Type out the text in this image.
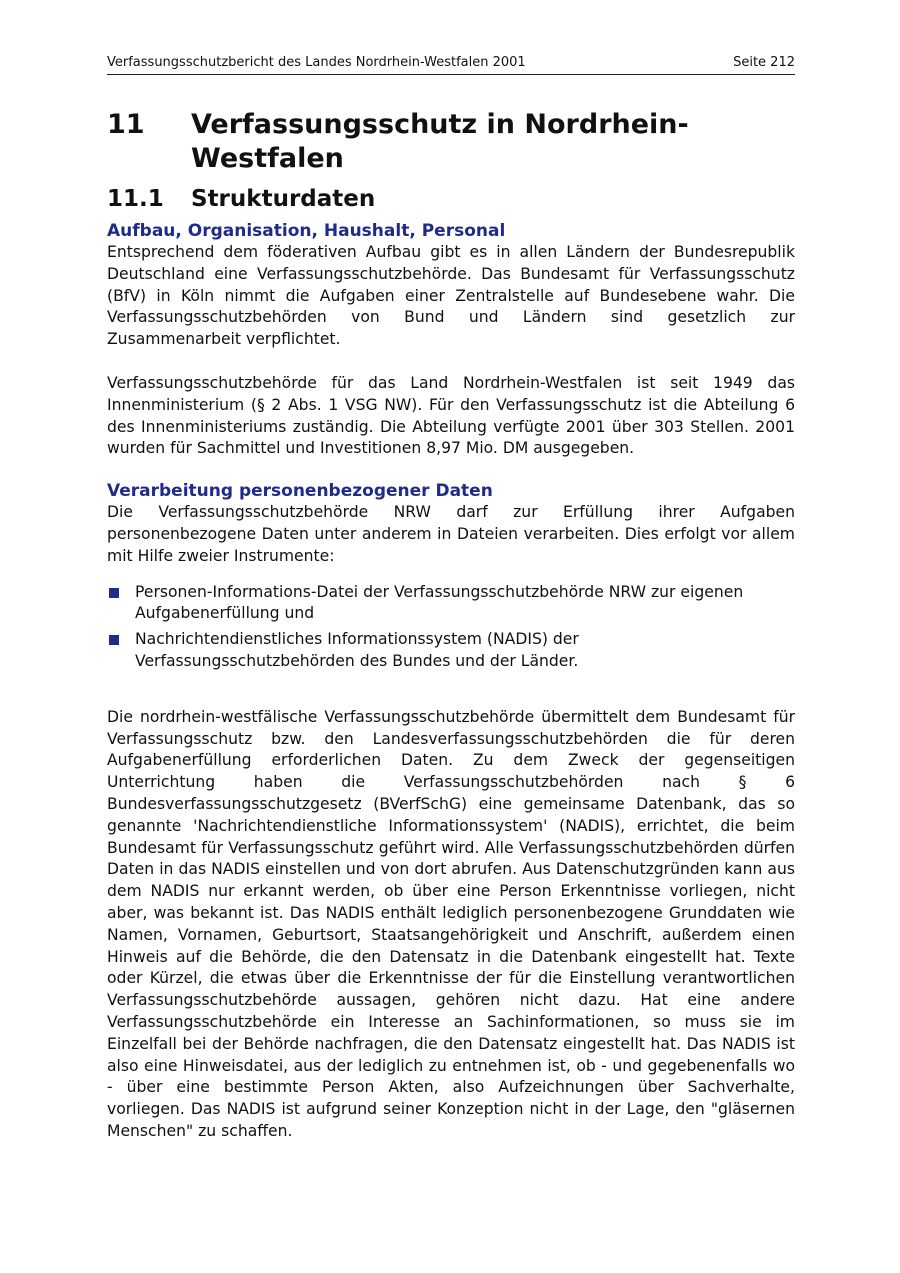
Verfassungsschutzbericht des Landes Nordrhein-Westfalen 2001	Seite 212
11	Verfassungsschutz in Nordrhein-Westfalen
11.1	Strukturdaten
Aufbau, Organisation, Haushalt, Personal

Entsprechend dem föderativen Aufbau gibt es in allen Ländern der Bundesrepublik Deutschland eine Verfassungsschutzbehörde. Das Bundesamt für Verfassungsschutz (BfV) in Köln nimmt die Aufgaben einer Zentralstelle auf Bundesebene wahr. Die Verfassungsschutzbehörden von Bund und Ländern sind gesetzlich zur Zusammenarbeit verpflichtet.

Verfassungsschutzbehörde für das Land Nordrhein-Westfalen ist seit 1949 das Innenministerium (§ 2 Abs. 1 VSG NW). Für den Verfassungsschutz ist die Abteilung 6 des Innenministeriums zuständig. Die Abteilung verfügte 2001 über 303 Stellen. 2001 wurden für Sachmittel und Investitionen 8,97 Mio. DM ausgegeben.

Verarbeitung personenbezogener Daten

Die Verfassungsschutzbehörde NRW darf zur Erfüllung ihrer Aufgaben personenbezogene Daten unter anderem in Dateien verarbeiten. Dies erfolgt vor allem mit Hilfe zweier Instrumente:

Personen-Informations-Datei der Verfassungsschutzbehörde NRW zur eigenen Aufgabenerfüllung und
Nachrichtendienstliches Informationssystem (NADIS) der Verfassungsschutzbehörden des Bundes und der Länder.

Die nordrhein-westfälische Verfassungsschutzbehörde übermittelt dem Bundesamt für Verfassungsschutz bzw. den Landesverfassungsschutzbehörden die für deren Aufgabenerfüllung erforderlichen Daten. Zu dem Zweck der gegenseitigen Unterrichtung haben die Verfassungsschutzbehörden nach § 6 Bundesverfassungsschutzgesetz (BVerfSchG) eine gemeinsame Datenbank, das so genannte 'Nachrichtendienstliche Informationssystem' (NADIS), errichtet, die beim Bundesamt für Verfassungsschutz geführt wird. Alle Verfassungsschutzbehörden dürfen Daten in das NADIS einstellen und von dort abrufen. Aus Datenschutzgründen kann aus dem NADIS nur erkannt werden, ob über eine Person Erkenntnisse vorliegen, nicht aber, was bekannt ist. Das NADIS enthält lediglich personenbezogene Grunddaten wie Namen, Vornamen, Geburtsort, Staatsangehörigkeit und Anschrift, außerdem einen Hinweis auf die Behörde, die den Datensatz in die Datenbank eingestellt hat. Texte oder Kürzel, die etwas über die Erkenntnisse der für die Einstellung verantwortlichen Verfassungsschutzbehörde aussagen, gehören nicht dazu. Hat eine andere Verfassungsschutzbehörde ein Interesse an Sachinformationen, so muss sie im Einzelfall bei der Behörde nachfragen, die den Datensatz eingestellt hat. Das NADIS ist also eine Hinweisdatei, aus der lediglich zu entnehmen ist, ob - und gegebenenfalls wo - über eine bestimmte Person Akten, also Aufzeichnungen über Sachverhalte, vorliegen. Das NADIS ist aufgrund seiner Konzeption nicht in der Lage, den "gläsernen Menschen" zu schaffen.
